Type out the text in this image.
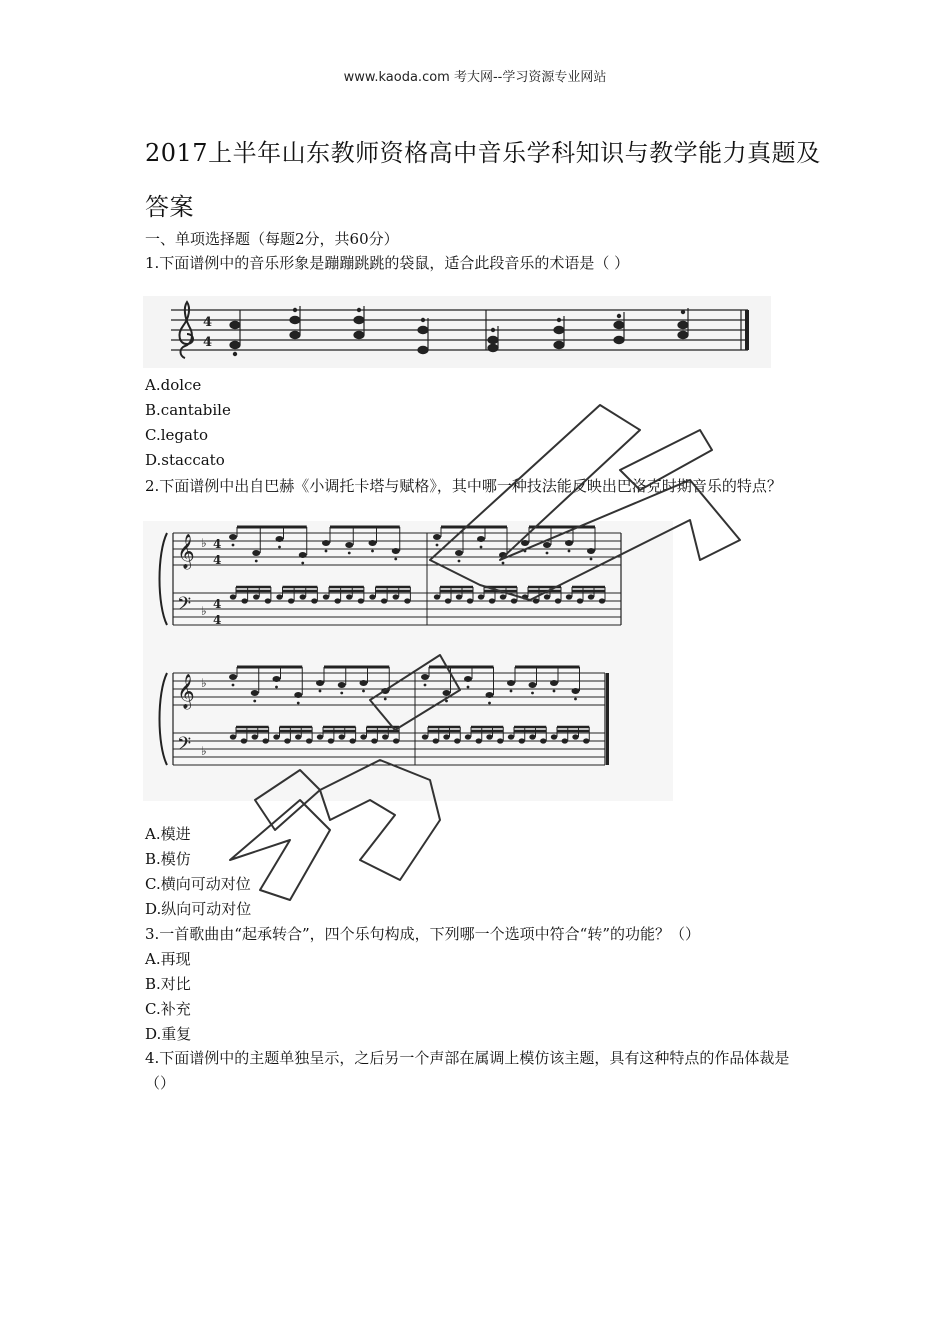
www.kaoda.com 考大网--学习资源专业网站
2017上半年山东教师资格高中音乐学科知识与教学能力真题及答案
一、单项选择题（每题2分，共60分）
1.下面谱例中的音乐形象是蹦蹦跳跳的袋鼠，适合此段音乐的术语是（ ）
4
4
A.dolce
B.cantabile
C.legato
D.staccato
2.下面谱例中出自巴赫《小调托卡塔与赋格》，其中哪一种技法能反映出巴洛克时期音乐的特点？
𝄞
𝄢
♭
♭
4
4
4
4
𝄞
𝄢
♭
♭
A.模进
B.模仿
C.横向可动对位
D.纵向可动对位
3.一首歌曲由“起承转合”，四个乐句构成，下列哪一个选项中符合“转”的功能？（）
A.再现
B.对比
C.补充
D.重复
4.下面谱例中的主题单独呈示，之后另一个声部在属调上模仿该主题，具有这种特点的作品体裁是（）
